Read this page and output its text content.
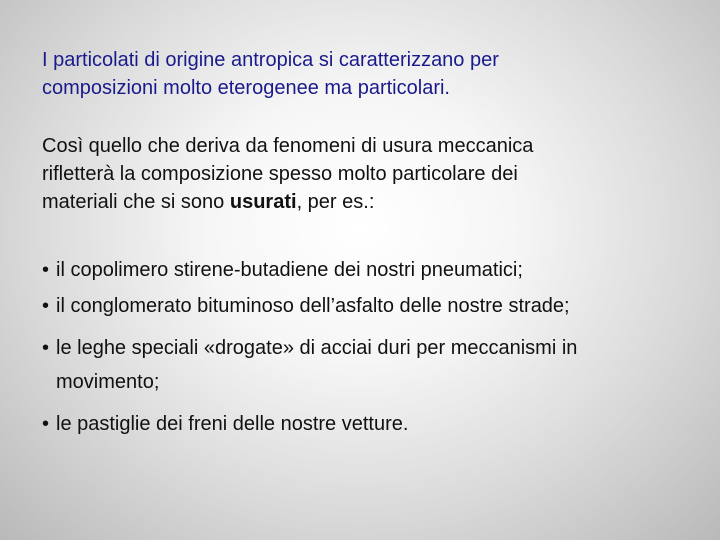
I particolati di origine antropica si caratterizzano per
composizioni molto eterogenee ma particolari.

Così quello che deriva da fenomeni di usura meccanica
rifletterà la composizione spesso molto particolare dei
materiali che si sono usurati, per es.:

• il copolimero stirene-butadiene dei nostri pneumatici;
• il conglomerato bituminoso dell’asfalto delle nostre strade;
• le leghe speciali «drogate» di acciai duri per meccanismi in
movimento;
• le pastiglie dei freni delle nostre vetture.
